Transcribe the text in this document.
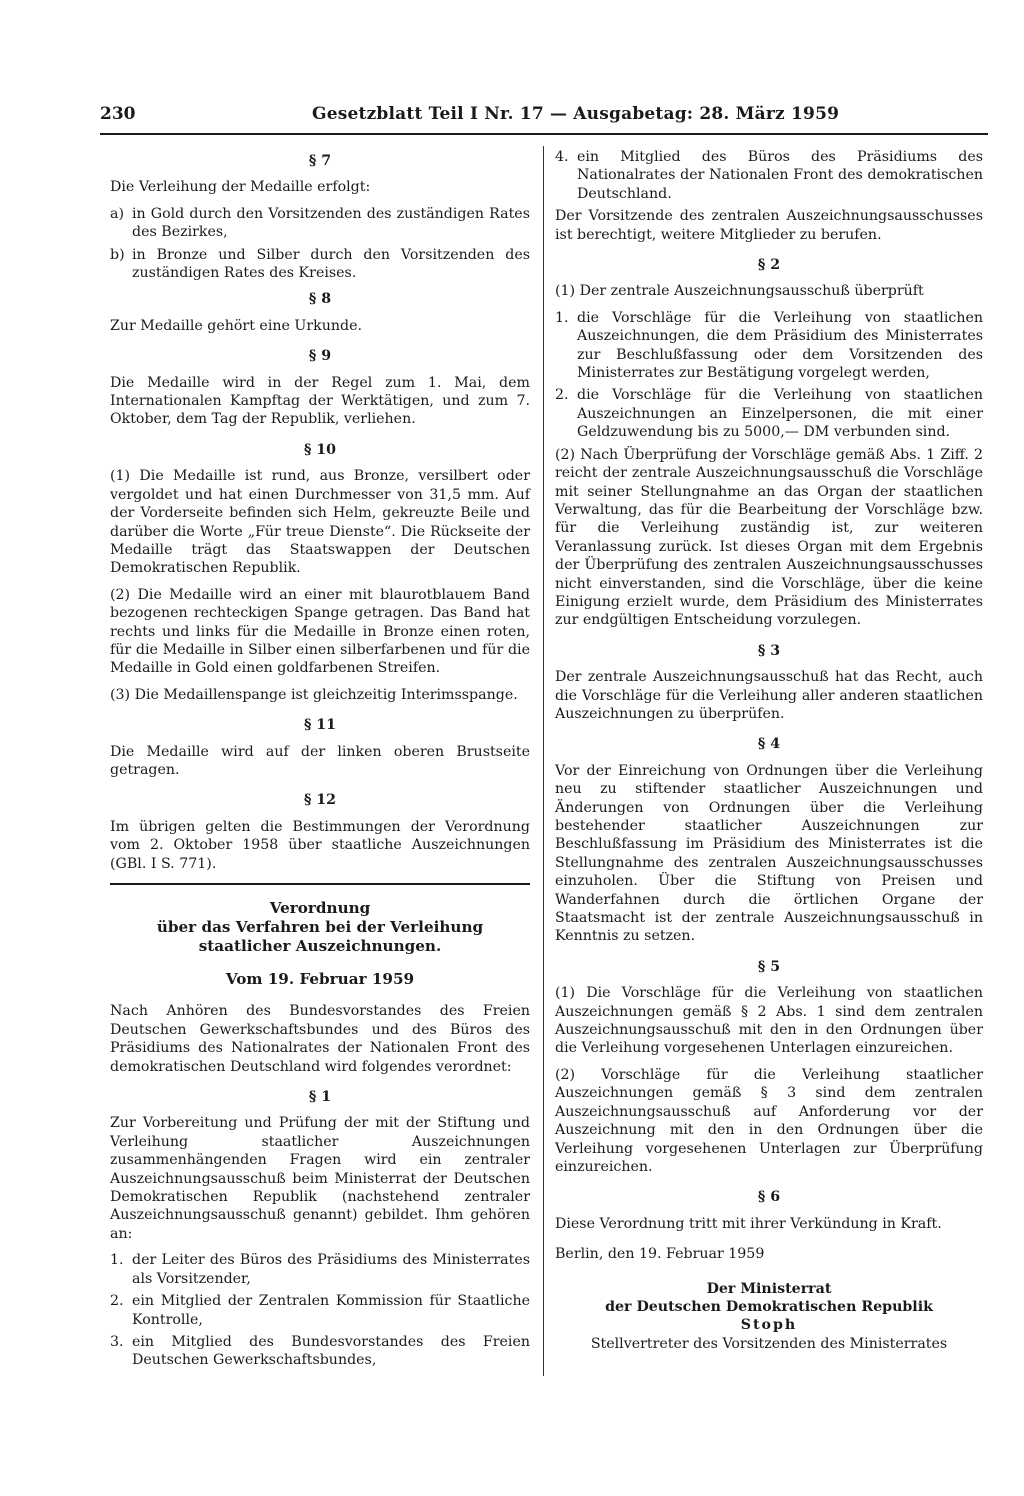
230	Gesetzblatt Teil I Nr. 17 — Ausgabetag: 28. März 1959
§ 7

Die Verleihung der Medaille erfolgt:

a) in Gold durch den Vorsitzenden des zuständigen Rates des Bezirkes,
b) in Bronze und Silber durch den Vorsitzenden des zuständigen Rates des Kreises.
§ 8

Zur Medaille gehört eine Urkunde.

§ 9

Die Medaille wird in der Regel zum 1. Mai, dem Internationalen Kampftag der Werktätigen, und zum 7. Oktober, dem Tag der Republik, verliehen.

§ 10

(1) Die Medaille ist rund, aus Bronze, versilbert oder vergoldet und hat einen Durchmesser von 31,5 mm. Auf der Vorderseite befinden sich Helm, gekreuzte Beile und darüber die Worte „Für treue Dienste“. Die Rückseite der Medaille trägt das Staatswappen der Deutschen Demokratischen Republik.

(2) Die Medaille wird an einer mit blaurotblauem Band bezogenen rechteckigen Spange getragen. Das Band hat rechts und links für die Medaille in Bronze einen roten, für die Medaille in Silber einen silberfarbenen und für die Medaille in Gold einen goldfarbenen Streifen.

(3) Die Medaillenspange ist gleichzeitig Interimsspange.

§ 11

Die Medaille wird auf der linken oberen Brustseite getragen.

§ 12

Im übrigen gelten die Bestimmungen der Verordnung vom 2. Oktober 1958 über staatliche Auszeichnungen (GBl. I S. 771).

Verordnung
über das Verfahren bei der Verleihung
staatlicher Auszeichnungen.
Vom 19. Februar 1959

Nach Anhören des Bundesvorstandes des Freien Deutschen Gewerkschaftsbundes und des Büros des Präsidiums des Nationalrates der Nationalen Front des demokratischen Deutschland wird folgendes verordnet:

§ 1

Zur Vorbereitung und Prüfung der mit der Stiftung und Verleihung staatlicher Auszeichnungen zusammenhängenden Fragen wird ein zentraler Auszeichnungsausschuß beim Ministerrat der Deutschen Demokratischen Republik (nachstehend zentraler Auszeichnungsausschuß genannt) gebildet. Ihm gehören an:

1. der Leiter des Büros des Präsidiums des Ministerrates als Vorsitzender,
2. ein Mitglied der Zentralen Kommission für Staatliche Kontrolle,
3. ein Mitglied des Bundesvorstandes des Freien Deutschen Gewerkschaftsbundes,
4. ein Mitglied des Büros des Präsidiums des Nationalrates der Nationalen Front des demokratischen Deutschland.

Der Vorsitzende des zentralen Auszeichnungsausschusses ist berechtigt, weitere Mitglieder zu berufen.

§ 2

(1) Der zentrale Auszeichnungsausschuß überprüft

1. die Vorschläge für die Verleihung von staatlichen Auszeichnungen, die dem Präsidium des Ministerrates zur Beschlußfassung oder dem Vorsitzenden des Ministerrates zur Bestätigung vorgelegt werden,
2. die Vorschläge für die Verleihung von staatlichen Auszeichnungen an Einzelpersonen, die mit einer Geldzuwendung bis zu 5000,— DM verbunden sind.

(2) Nach Überprüfung der Vorschläge gemäß Abs. 1 Ziff. 2 reicht der zentrale Auszeichnungsausschuß die Vorschläge mit seiner Stellungnahme an das Organ der staatlichen Verwaltung, das für die Bearbeitung der Vorschläge bzw. für die Verleihung zuständig ist, zur weiteren Veranlassung zurück. Ist dieses Organ mit dem Ergebnis der Überprüfung des zentralen Auszeichnungsausschusses nicht einverstanden, sind die Vorschläge, über die keine Einigung erzielt wurde, dem Präsidium des Ministerrates zur endgültigen Entscheidung vorzulegen.

§ 3

Der zentrale Auszeichnungsausschuß hat das Recht, auch die Vorschläge für die Verleihung aller anderen staatlichen Auszeichnungen zu überprüfen.

§ 4

Vor der Einreichung von Ordnungen über die Verleihung neu zu stiftender staatlicher Auszeichnungen und Änderungen von Ordnungen über die Verleihung bestehender staatlicher Auszeichnungen zur Beschlußfassung im Präsidium des Ministerrates ist die Stellungnahme des zentralen Auszeichnungsausschusses einzuholen. Über die Stiftung von Preisen und Wanderfahnen durch die örtlichen Organe der Staatsmacht ist der zentrale Auszeichnungsausschuß in Kenntnis zu setzen.

§ 5

(1) Die Vorschläge für die Verleihung von staatlichen Auszeichnungen gemäß § 2 Abs. 1 sind dem zentralen Auszeichnungsausschuß mit den in den Ordnungen über die Verleihung vorgesehenen Unterlagen einzureichen.

(2) Vorschläge für die Verleihung staatlicher Auszeichnungen gemäß § 3 sind dem zentralen Auszeichnungsausschuß auf Anforderung vor der Auszeichnung mit den in den Ordnungen über die Verleihung vorgesehenen Unterlagen zur Überprüfung einzureichen.

§ 6

Diese Verordnung tritt mit ihrer Verkündung in Kraft.

Berlin, den 19. Februar 1959

Der Ministerrat
der Deutschen Demokratischen Republik
Stoph
Stellvertreter des Vorsitzenden des Ministerrates
